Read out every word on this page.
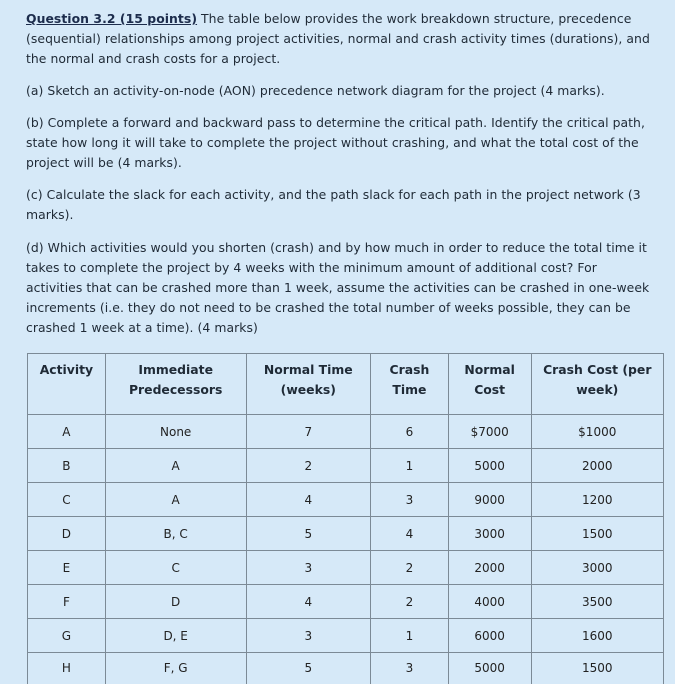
Question 3.2 (15 points) The table below provides the work breakdown structure, precedence (sequential) relationships among project activities, normal and crash activity times (durations), and the normal and crash costs for a project.

(a) Sketch an activity-on-node (AON) precedence network diagram for the project (4 marks).

(b) Complete a forward and backward pass to determine the critical path. Identify the critical path, state how long it will take to complete the project without crashing, and what the total cost of the project will be (4 marks).

(c) Calculate the slack for each activity, and the path slack for each path in the project network (3 marks).

(d) Which activities would you shorten (crash) and by how much in order to reduce the total time it takes to complete the project by 4 weeks with the minimum amount of additional cost? For activities that can be crashed more than 1 week, assume the activities can be crashed in one-week increments (i.e. they do not need to be crashed the total number of weeks possible, they can be crashed 1 week at a time). (4 marks)

Activity	Immediate Predecessors	Normal Time (weeks)	Crash Time	Normal Cost	Crash Cost (per week)
A	None	7	6	$7000	$1000
B	A	2	1	5000	2000
C	A	4	3	9000	1200
D	B, C	5	4	3000	1500
E	C	3	2	2000	3000
F	D	4	2	4000	3500
G	D, E	3	1	6000	1600
H	F, G	5	3	5000	1500
